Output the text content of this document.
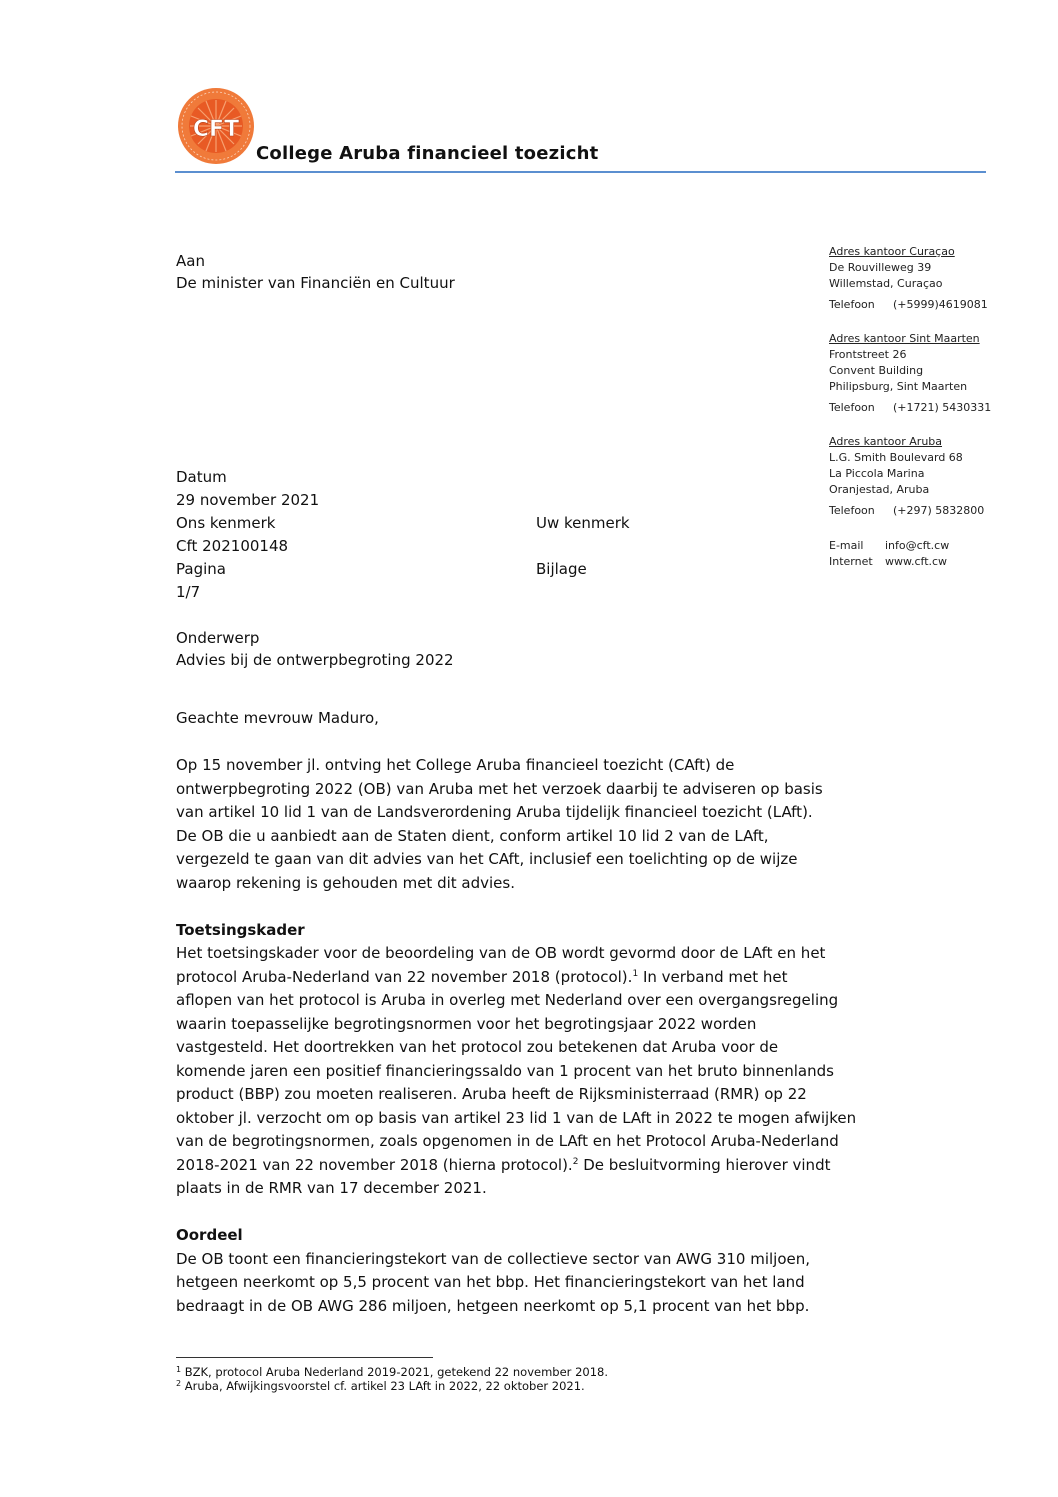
CFT
College Aruba financieel toezicht
Aan
De minister van Financiën en Cultuur
Adres kantoor Curaçao
De Rouvilleweg 39
Willemstad, Curaçao
Telefoon (+5999)4619081
Adres kantoor Sint Maarten
Frontstreet 26
Convent Building
Philipsburg, Sint Maarten
Telefoon (+1721) 5430331
Adres kantoor Aruba
L.G. Smith Boulevard 68
La Piccola Marina
Oranjestad, Aruba
Telefoon (+297) 5832800
E-mail info@cft.cw
Internet www.cft.cw
Datum
29 november 2021
Ons kenmerk
Cft 202100148
Pagina
1/7
Uw kenmerk
Bijlage
Onderwerp
Advies bij de ontwerpbegroting 2022
Geachte mevrouw Maduro,
Op 15 november jl. ontving het College Aruba financieel toezicht (CAft) de
ontwerpbegroting 2022 (OB) van Aruba met het verzoek daarbij te adviseren op basis
van artikel 10 lid 1 van de Landsverordening Aruba tijdelijk financieel toezicht (LAft).
De OB die u aanbiedt aan de Staten dient, conform artikel 10 lid 2 van de LAft,
vergezeld te gaan van dit advies van het CAft, inclusief een toelichting op de wijze
waarop rekening is gehouden met dit advies.
Toetsingskader
Het toetsingskader voor de beoordeling van de OB wordt gevormd door de LAft en het
protocol Aruba-Nederland van 22 november 2018 (protocol).$^1$ In verband met het
aflopen van het protocol is Aruba in overleg met Nederland over een overgangsregeling
waarin toepasselijke begrotingsnormen voor het begrotingsjaar 2022 worden
vastgesteld. Het doortrekken van het protocol zou betekenen dat Aruba voor de
komende jaren een positief financieringssaldo van 1 procent van het bruto binnenlands
product (BBP) zou moeten realiseren. Aruba heeft de Rijksministerraad (RMR) op 22
oktober jl. verzocht om op basis van artikel 23 lid 1 van de LAft in 2022 te mogen afwijken
van de begrotingsnormen, zoals opgenomen in de LAft en het Protocol Aruba-Nederland
2018-2021 van 22 november 2018 (hierna protocol).$^2$ De besluitvorming hierover vindt
plaats in de RMR van 17 december 2021.
Oordeel
De OB toont een financieringstekort van de collectieve sector van AWG 310 miljoen,
hetgeen neerkomt op 5,5 procent van het bbp. Het financieringstekort van het land
bedraagt in de OB AWG 286 miljoen, hetgeen neerkomt op 5,1 procent van het bbp.
$^1$ BZK, protocol Aruba Nederland 2019-2021, getekend 22 november 2018.
$^2$ Aruba, Afwijkingsvoorstel cf. artikel 23 LAft in 2022, 22 oktober 2021.
